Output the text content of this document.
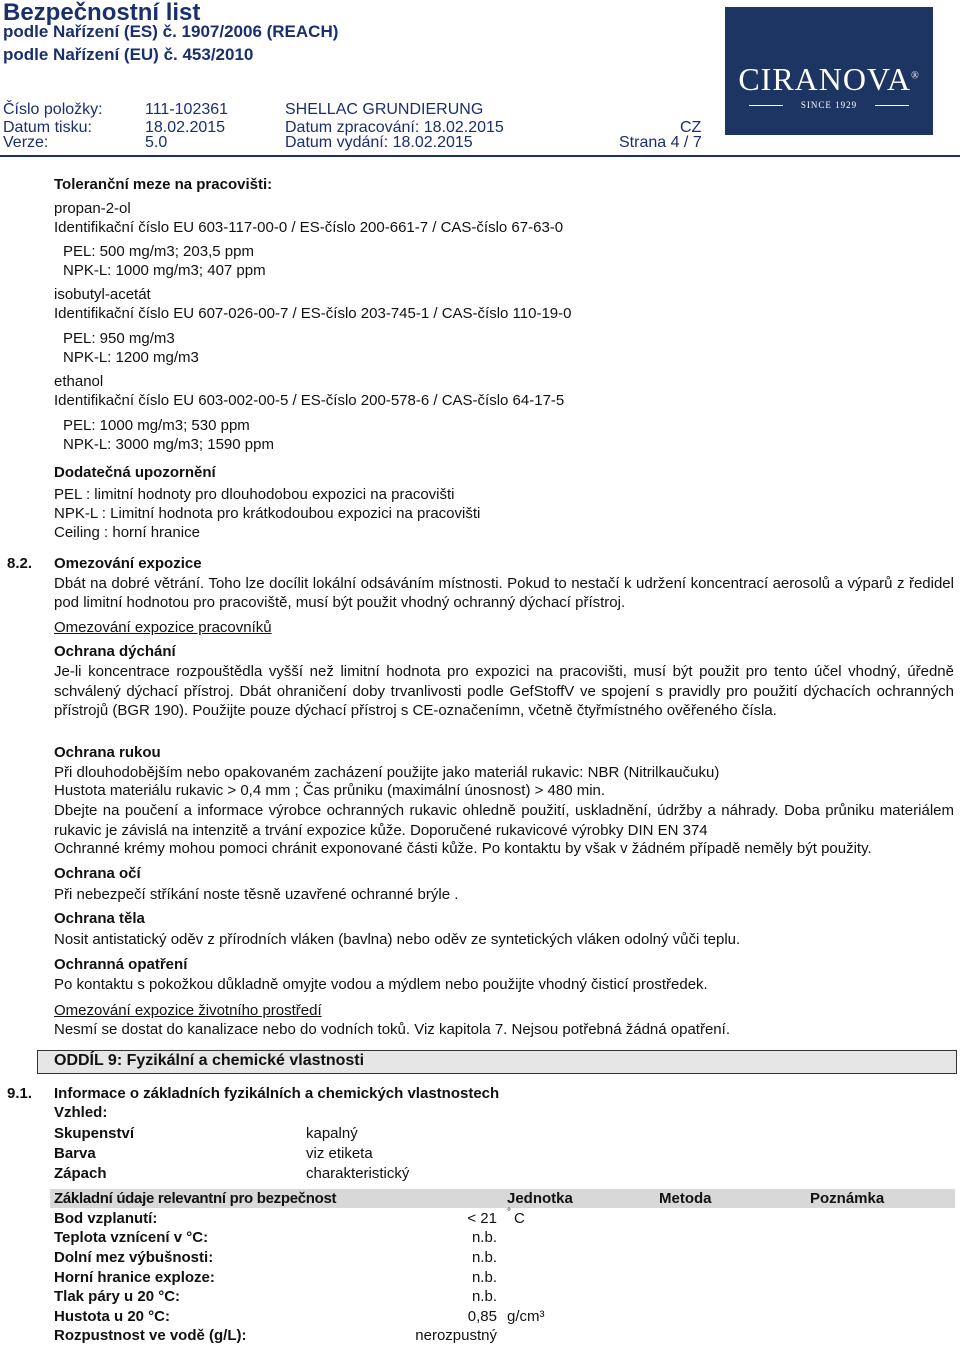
Bezpečnostní list
podle Nařízení (ES) č. 1907/2006 (REACH)
podle Nařízení (EU) č. 453/2010
Číslo položky:	111-102361	SHELLAC GRUNDIERUNG
Datum tisku:	18.02.2015	Datum zpracování: 18.02.2015	CZ
Verze:	5.0	Datum vydání: 18.02.2015	Strana 4 / 7
CIRANOVA®
SINCE 1929
Toleranční meze na pracovišti:
propan-2-ol
Identifikační číslo EU 603-117-00-0 / ES-číslo 200-661-7 / CAS-číslo 67-63-0
PEL: 500 mg/m3; 203,5 ppm
NPK-L: 1000 mg/m3; 407 ppm
isobutyl-acetát
Identifikační číslo EU 607-026-00-7 / ES-číslo 203-745-1 / CAS-číslo 110-19-0
PEL: 950 mg/m3
NPK-L: 1200 mg/m3
ethanol
Identifikační číslo EU 603-002-00-5 / ES-číslo 200-578-6 / CAS-číslo 64-17-5
PEL: 1000 mg/m3; 530 ppm
NPK-L: 3000 mg/m3; 1590 ppm
Dodatečná upozornění
PEL : limitní hodnoty pro dlouhodobou expozici na pracovišti
NPK-L : Limitní hodnota pro krátkodoubou expozici na pracovišti
Ceiling : horní hranice
8.2. Omezování expozice
Dbát na dobré větrání. Toho lze docílit lokální odsáváním místnosti. Pokud to nestačí k udržení koncentrací aerosolů a výparů z ředidel pod limitní hodnotou pro pracoviště, musí být použit vhodný ochranný dýchací přístroj.
Omezování expozice pracovníků
Ochrana dýchání
Je-li koncentrace rozpouštědla vyšší než limitní hodnota pro expozici na pracovišti, musí být použit pro tento účel vhodný, úředně schválený dýchací přístroj. Dbát ohraničení doby trvanlivosti podle GefStoffV ve spojení s pravidly pro použití dýchacích ochranných přístrojů (BGR 190). Použijte pouze dýchací přístroj s CE-označenímn, včetně čtyřmístného ověřeného čísla.
Ochrana rukou
Při dlouhodobějším nebo opakovaném zacházení použijte jako materiál rukavic: NBR (Nitrilkaučuku)
Hustota materiálu rukavic > 0,4 mm ; Čas průniku (maximální únosnost) > 480 min.
Dbejte na poučení a informace výrobce ochranných rukavic ohledně použití, uskladnění, údržby a náhrady. Doba průniku materiálem rukavic je závislá na intenzitě a trvání expozice kůže. Doporučené rukavicové výrobky DIN EN 374
Ochranné krémy mohou pomoci chránit exponované části kůže. Po kontaktu by však v žádném případě neměly být použity.
Ochrana očí
Při nebezpečí stříkání noste těsně uzavřené ochranné brýle .
Ochrana těla
Nosit antistatický oděv z přírodních vláken (bavlna) nebo oděv ze syntetických vláken odolný vůči teplu.
Ochranná opatření
Po kontaktu s pokožkou důkladně omyjte vodou a mýdlem nebo použijte vhodný čisticí prostředek.
Omezování expozice životního prostředí
Nesmí se dostat do kanalizace nebo do vodních toků. Viz kapitola 7. Nejsou potřebná žádná opatření.
ODDÍL 9: Fyzikální a chemické vlastnosti
9.1. Informace o základních fyzikálních a chemických vlastnostech
Vzhled:
Skupenství	kapalný
Barva	viz etiketa
Zápach	charakteristický
Základní údaje relevantní pro bezpečnost	Jednotka	Metoda	Poznámka
Bod vzplanutí:	< 21 ° C
Teplota vznícení v °C:	n.b.
Dolní mez výbušnosti:	n.b.
Horní hranice exploze:	n.b.
Tlak páry u 20 °C:	n.b.
Hustota u 20 °C:	0,85 g/cm³
Rozpustnost ve vodě (g/L):	nerozpustný
